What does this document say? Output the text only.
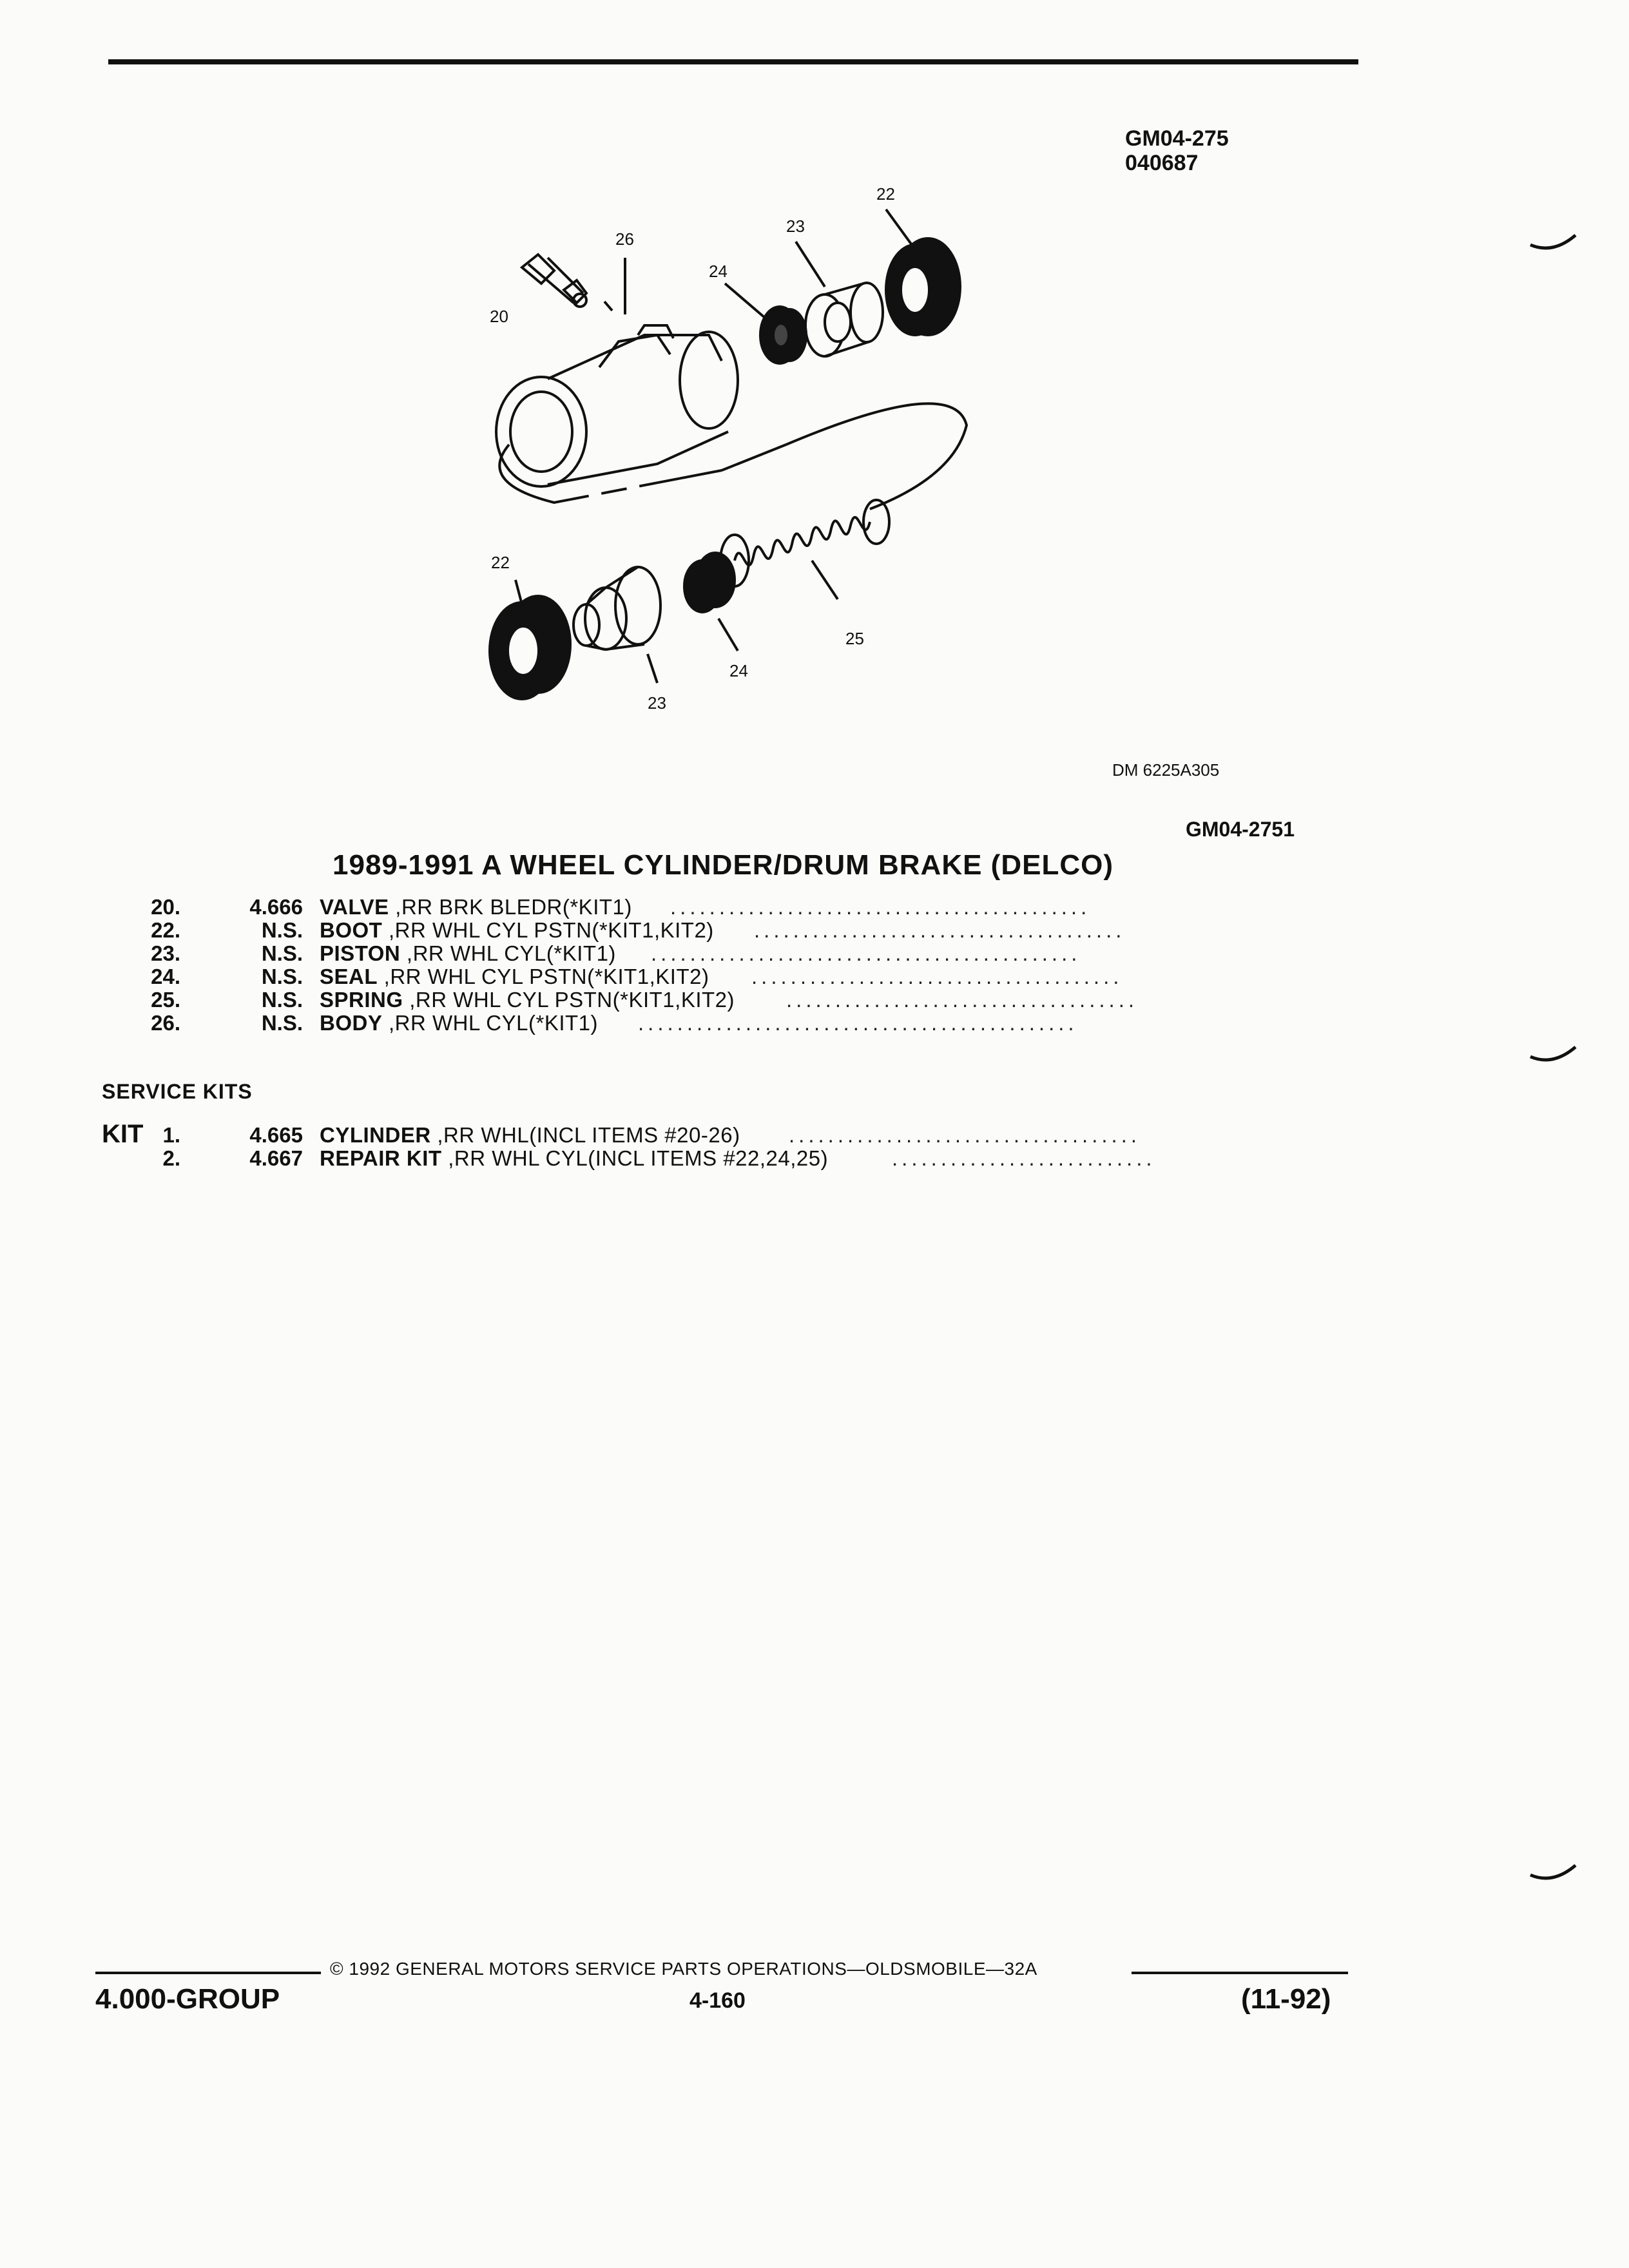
GM04-275
040687
20
26
24
23
22
22
23
24
25
DM 6225A305
GM04-2751
1989-1991 A WHEEL CYLINDER/DRUM BRAKE (DELCO)
20.	4.666 VALVE ,RR BRK BLEDR(*KIT1) ...........................................
22.	N.S. BOOT ,RR WHL CYL PSTN(*KIT1,KIT2) ......................................
23.	N.S. PISTON ,RR WHL CYL(*KIT1) ............................................
24.	N.S. SEAL ,RR WHL CYL PSTN(*KIT1,KIT2) ......................................
25.	N.S. SPRING ,RR WHL CYL PSTN(*KIT1,KIT2) ....................................
26.	N.S. BODY ,RR WHL CYL(*KIT1) .............................................
SERVICE KITS
KIT 1.	4.665 CYLINDER ,RR WHL(INCL ITEMS #20-26) ....................................
2.	4.667 REPAIR KIT ,RR WHL CYL(INCL ITEMS #22,24,25)	...........................
© 1992 GENERAL MOTORS SERVICE PARTS OPERATIONS—OLDSMOBILE—32A
4.000-GROUP	4-160	(11-92)
